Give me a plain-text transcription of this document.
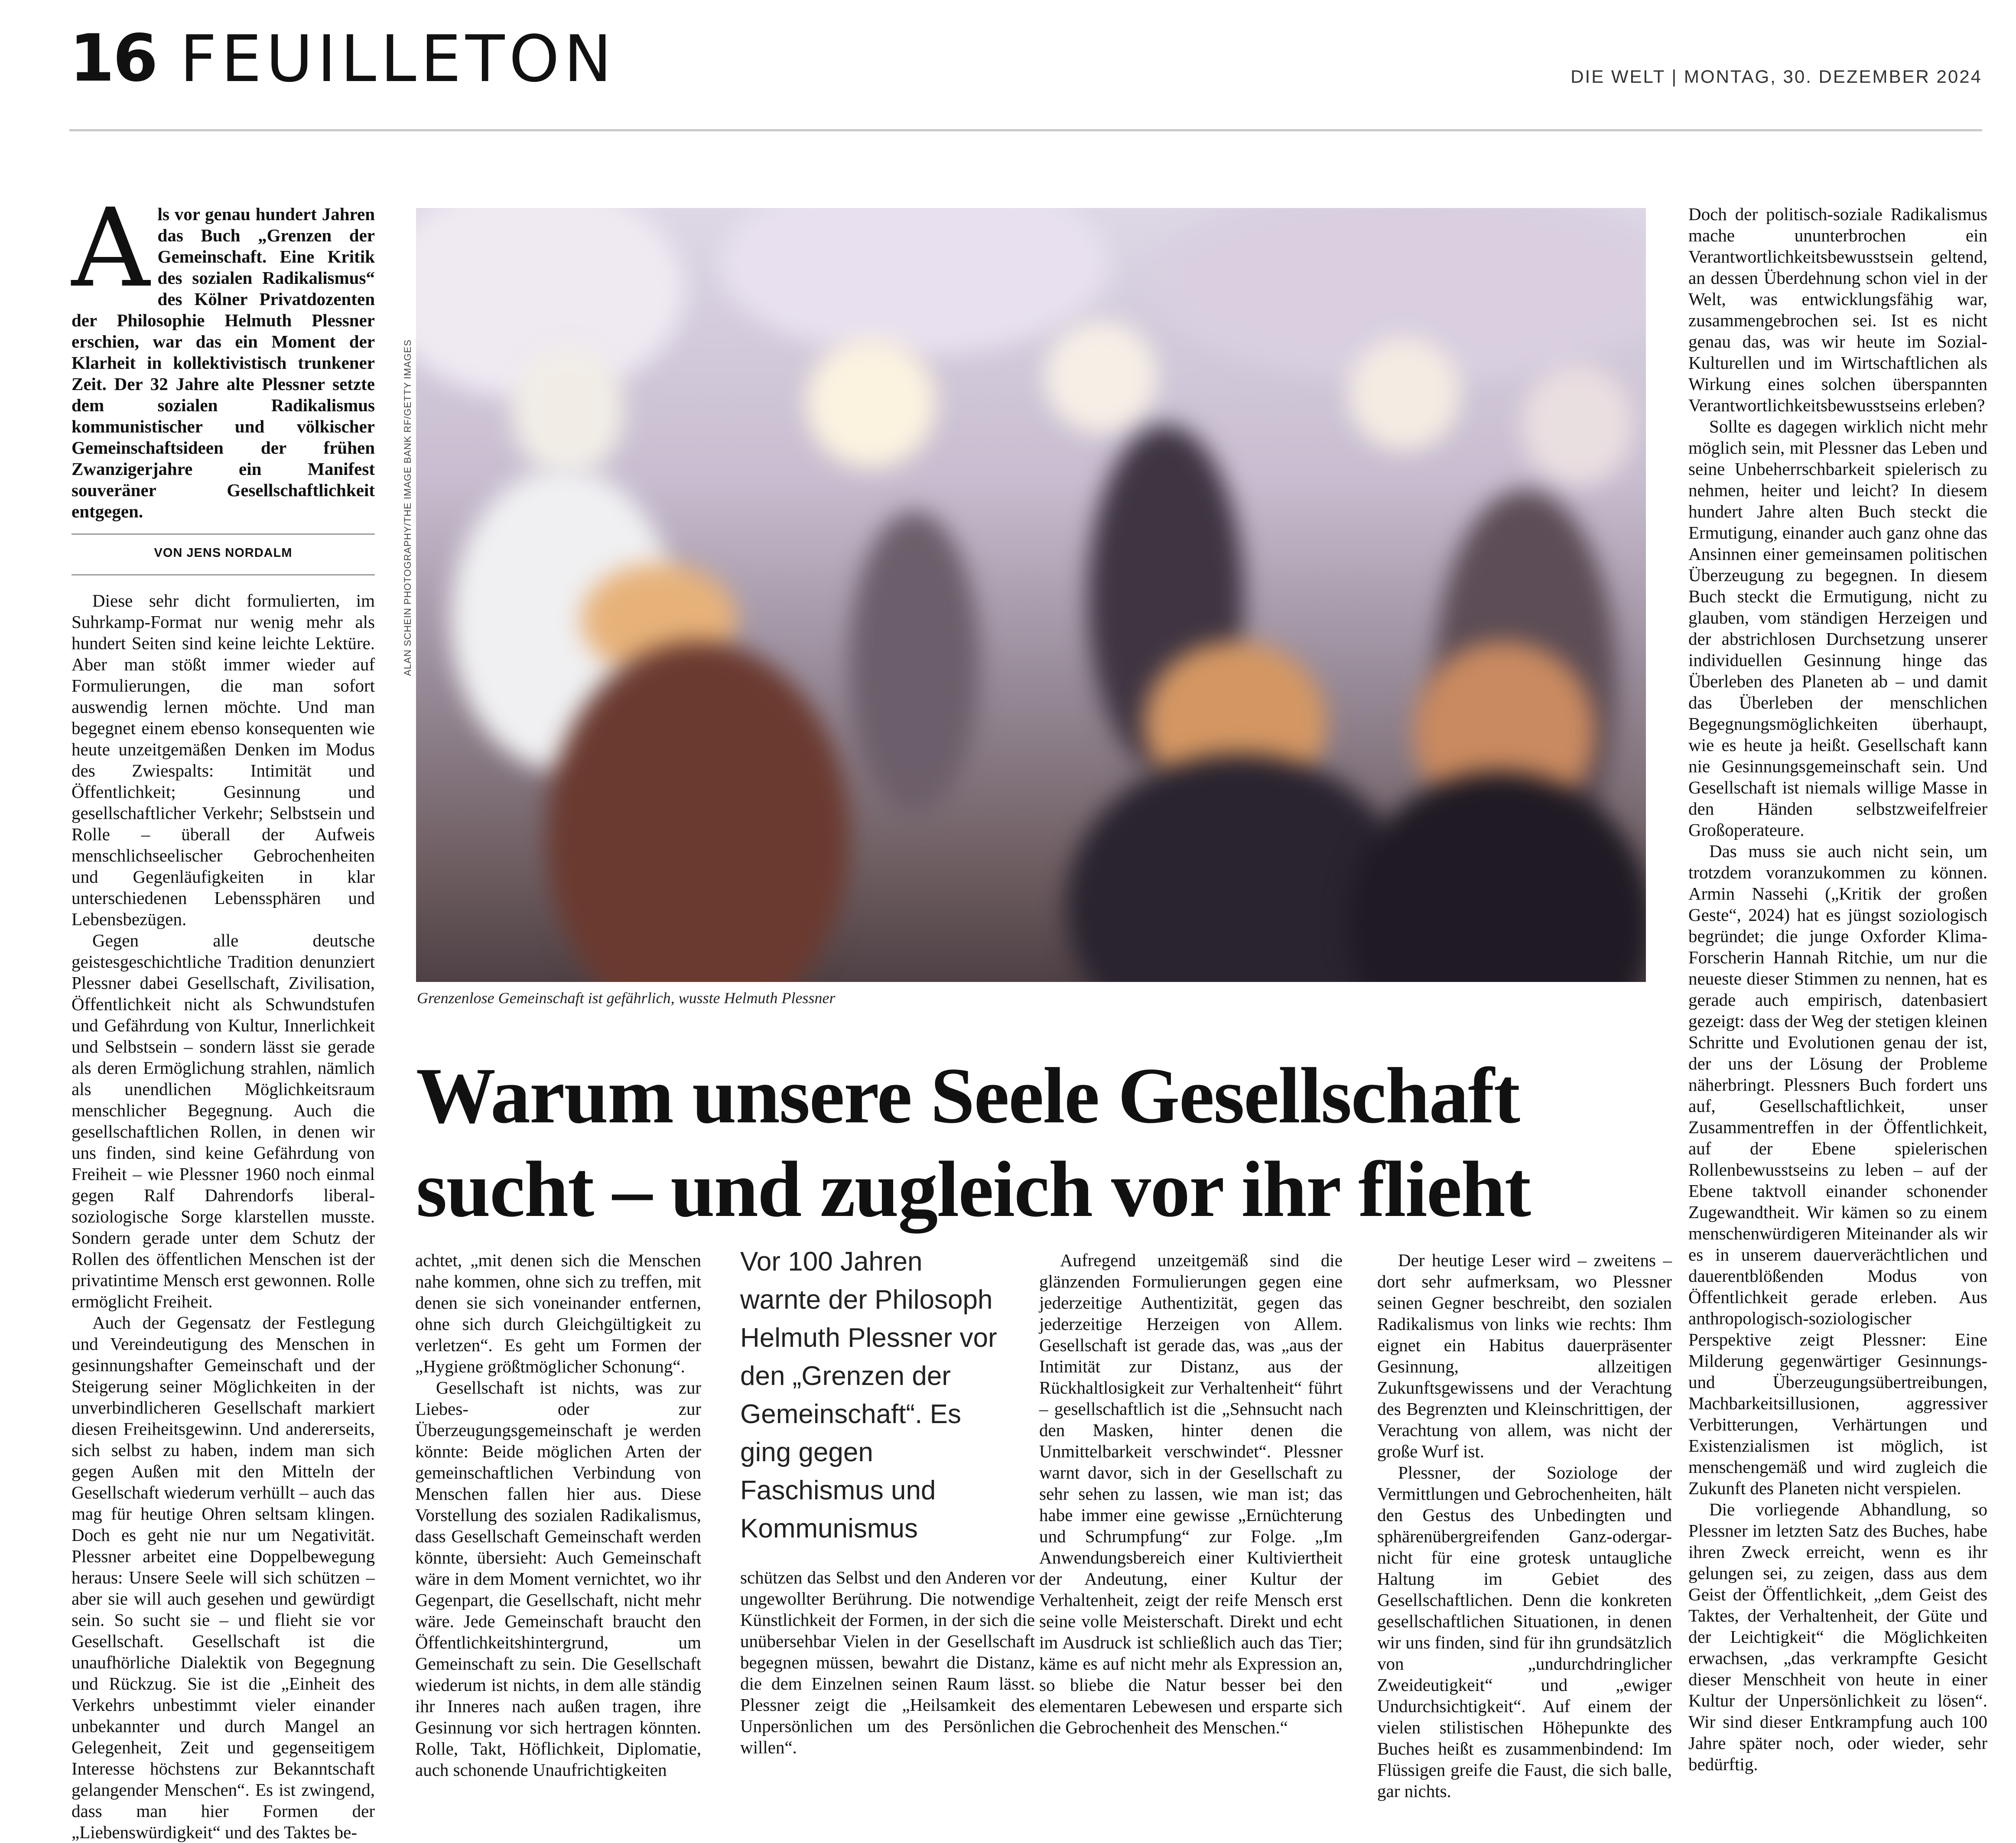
16 FEUILLETON	DIE WELT | MONTAG, 30. DEZEMBER 2024

Als vor genau hundert Jahren das Buch „Grenzen der Gemeinschaft. Eine Kritik des sozialen Radikalismus“ des Kölner Privatdozenten der Philosophie Helmuth Plessner erschien, war das ein Moment der Klarheit in kollektivistisch trunkener Zeit. Der 32 Jahre alte Plessner setzte dem sozialen Radikalismus kommunistischer und völkischer Gemeinschaftsideen der frühen Zwanzigerjahre ein Manifest souveräner Gesellschaftlichkeit entgegen.

VON JENS NORDALM

Diese sehr dicht formulierten, im Suhrkamp-Format nur wenig mehr als hundert Seiten sind keine leichte Lektüre. Aber man stößt immer wieder auf Formulierungen, die man sofort auswendig lernen möchte. Und man begegnet einem ebenso konsequenten wie heute unzeitgemäßen Denken im Modus des Zwiespalts: Intimität und Öffentlichkeit; Gesinnung und gesellschaftlicher Verkehr; Selbstsein und Rolle – überall der Aufweis menschlichseelischer Gebrochenheiten und Gegenläufigkeiten in klar unterschiedenen Lebenssphären und Lebensbezügen.

Gegen alle deutsche geistesgeschichtliche Tradition denunziert Plessner dabei Gesellschaft, Zivilisation, Öffentlichkeit nicht als Schwundstufen und Gefährdung von Kultur, Innerlichkeit und Selbstsein – sondern lässt sie gerade als deren Ermöglichung strahlen, nämlich als unendlichen Möglichkeitsraum menschlicher Begegnung. Auch die gesellschaftlichen Rollen, in denen wir uns finden, sind keine Gefährdung von Freiheit – wie Plessner 1960 noch einmal gegen Ralf Dahrendorfs liberal-soziologische Sorge klarstellen musste. Sondern gerade unter dem Schutz der Rollen des öffentlichen Menschen ist der privatintime Mensch erst gewonnen. Rolle ermöglicht Freiheit.

Auch der Gegensatz der Festlegung und Vereindeutigung des Menschen in gesinnungshafter Gemeinschaft und der Steigerung seiner Möglichkeiten in der unverbindlicheren Gesellschaft markiert diesen Freiheitsgewinn. Und andererseits, sich selbst zu haben, indem man sich gegen Außen mit den Mitteln der Gesellschaft wiederum verhüllt – auch das mag für heutige Ohren seltsam klingen. Doch es geht nie nur um Negativität. Plessner arbeitet eine Doppelbewegung heraus: Unsere Seele will sich schützen – aber sie will auch gesehen und gewürdigt sein. So sucht sie – und flieht sie vor Gesellschaft. Gesellschaft ist die unaufhörliche Dialektik von Begegnung und Rückzug. Sie ist die „Einheit des Verkehrs unbestimmt vieler einander unbekannter und durch Mangel an Gelegenheit, Zeit und gegenseitigem Interesse höchstens zur Bekanntschaft gelangender Menschen“. Es ist zwingend, dass man hier Formen der „Liebenswürdigkeit“ und des Taktes be-

ALAN SCHEIN PHOTOGRAPHY/THE IMAGE BANK RF/GETTY IMAGES
Grenzenlose Gemeinschaft ist gefährlich, wusste Helmuth Plessner
Warum unsere Seele Gesellschaft
sucht – und zugleich vor ihr flieht
Vor 100 Jahren warnte der Philosoph Helmuth Plessner vor den „Grenzen der Gemeinschaft“. Es ging gegen Faschismus und Kommunismus

achtet, „mit denen sich die Menschen nahe kommen, ohne sich zu treffen, mit denen sie sich voneinander entfernen, ohne sich durch Gleichgültigkeit zu verletzen“. Es geht um Formen der „Hygiene größtmöglicher Schonung“.

Gesellschaft ist nichts, was zur Liebes- oder zur Überzeugungsgemeinschaft je werden könnte: Beide möglichen Arten der gemeinschaftlichen Verbindung von Menschen fallen hier aus. Diese Vorstellung des sozialen Radikalismus, dass Gesellschaft Gemeinschaft werden könnte, übersieht: Auch Gemeinschaft wäre in dem Moment vernichtet, wo ihr Gegenpart, die Gesellschaft, nicht mehr wäre. Jede Gemeinschaft braucht den Öffentlichkeitshintergrund, um Gemeinschaft zu sein. Die Gesellschaft wiederum ist nichts, in dem alle ständig ihr Inneres nach außen tragen, ihre Gesinnung vor sich hertragen könnten. Rolle, Takt, Höflichkeit, Diplomatie, auch schonende Unaufrichtigkeiten

schützen das Selbst und den Anderen vor ungewollter Berührung. Die notwendige Künstlichkeit der Formen, in der sich die unübersehbar Vielen in der Gesellschaft begegnen müssen, bewahrt die Distanz, die dem Einzelnen seinen Raum lässt. Plessner zeigt die „Heilsamkeit des Unpersönlichen um des Persönlichen willen“.

Aufregend unzeitgemäß sind die glänzenden Formulierungen gegen eine jederzeitige Authentizität, gegen das jederzeitige Herzeigen von Allem. Gesellschaft ist gerade das, was „aus der Intimität zur Distanz, aus der Rückhaltlosigkeit zur Verhaltenheit“ führt – gesellschaftlich ist die „Sehnsucht nach den Masken, hinter denen die Unmittelbarkeit verschwindet“. Plessner warnt davor, sich in der Gesellschaft zu sehr sehen zu lassen, wie man ist; das habe immer eine gewisse „Ernüchterung und Schrumpfung“ zur Folge. „Im Anwendungsbereich einer Kultiviertheit der Andeutung, einer Kultur der Verhaltenheit, zeigt der reife Mensch erst seine volle Meisterschaft. Direkt und echt im Ausdruck ist schließlich auch das Tier; käme es auf nicht mehr als Expression an, so bliebe die Natur besser bei den elementaren Lebewesen und ersparte sich die Gebrochenheit des Menschen.“

Der heutige Leser wird – zweitens – dort sehr aufmerksam, wo Plessner seinen Gegner beschreibt, den sozialen Radikalismus von links wie rechts: Ihm eignet ein Habitus dauerpräsenter Gesinnung, allzeitigen Zukunftsgewissens und der Verachtung des Begrenzten und Kleinschrittigen, der Verachtung von allem, was nicht der große Wurf ist.

Plessner, der Soziologe der Vermittlungen und Gebrochenheiten, hält den Gestus des Unbedingten und sphärenübergreifenden Ganz-odergar-nicht für eine grotesk untaugliche Haltung im Gebiet des Gesellschaftlichen. Denn die konkreten gesellschaftlichen Situationen, in denen wir uns finden, sind für ihn grundsätzlich von „undurchdringlicher Zweideutigkeit“ und „ewiger Undurchsichtigkeit“. Auf einem der vielen stilistischen Höhepunkte des Buches heißt es zusammenbindend: Im Flüssigen greife die Faust, die sich balle, gar nichts.

Doch der politisch-soziale Radikalismus mache ununterbrochen ein Verantwortlichkeitsbewusstsein geltend, an dessen Überdehnung schon viel in der Welt, was entwicklungsfähig war, zusammengebrochen sei. Ist es nicht genau das, was wir heute im Sozial-Kulturellen und im Wirtschaftlichen als Wirkung eines solchen überspannten Verantwortlichkeitsbewusstseins erleben?

Sollte es dagegen wirklich nicht mehr möglich sein, mit Plessner das Leben und seine Unbeherrschbarkeit spielerisch zu nehmen, heiter und leicht? In diesem hundert Jahre alten Buch steckt die Ermutigung, einander auch ganz ohne das Ansinnen einer gemeinsamen politischen Überzeugung zu begegnen. In diesem Buch steckt die Ermutigung, nicht zu glauben, vom ständigen Herzeigen und der abstrichlosen Durchsetzung unserer individuellen Gesinnung hinge das Überleben des Planeten ab – und damit das Überleben der menschlichen Begegnungsmöglichkeiten überhaupt, wie es heute ja heißt. Gesellschaft kann nie Gesinnungsgemeinschaft sein. Und Gesellschaft ist niemals willige Masse in den Händen selbstzweifelfreier Großoperateure.

Das muss sie auch nicht sein, um trotzdem voranzukommen zu können. Armin Nassehi („Kritik der großen Geste“, 2024) hat es jüngst soziologisch begründet; die junge Oxforder Klima-Forscherin Hannah Ritchie, um nur die neueste dieser Stimmen zu nennen, hat es gerade auch empirisch, datenbasiert gezeigt: dass der Weg der stetigen kleinen Schritte und Evolutionen genau der ist, der uns der Lösung der Probleme näherbringt. Plessners Buch fordert uns auf, Gesellschaftlichkeit, unser Zusammentreffen in der Öffentlichkeit, auf der Ebene spielerischen Rollenbewusstseins zu leben – auf der Ebene taktvoll einander schonender Zugewandtheit. Wir kämen so zu einem menschenwürdigeren Miteinander als wir es in unserem dauerverächtlichen und dauerentblößenden Modus von Öffentlichkeit gerade erleben. Aus anthropologisch-soziologischer Perspektive zeigt Plessner: Eine Milderung gegenwärtiger Gesinnungs- und Überzeugungsübertreibungen, Machbarkeitsillusionen, aggressiver Verbitterungen, Verhärtungen und Existenzialismen ist möglich, ist menschengemäß und wird zugleich die Zukunft des Planeten nicht verspielen.

Die vorliegende Abhandlung, so Plessner im letzten Satz des Buches, habe ihren Zweck erreicht, wenn es ihr gelungen sei, zu zeigen, dass aus dem Geist der Öffentlichkeit, „dem Geist des Taktes, der Verhaltenheit, der Güte und der Leichtigkeit“ die Möglichkeiten erwachsen, „das verkrampfte Gesicht dieser Menschheit von heute in einer Kultur der Unpersönlichkeit zu lösen“. Wir sind dieser Entkrampfung auch 100 Jahre später noch, oder wieder, sehr bedürftig.
